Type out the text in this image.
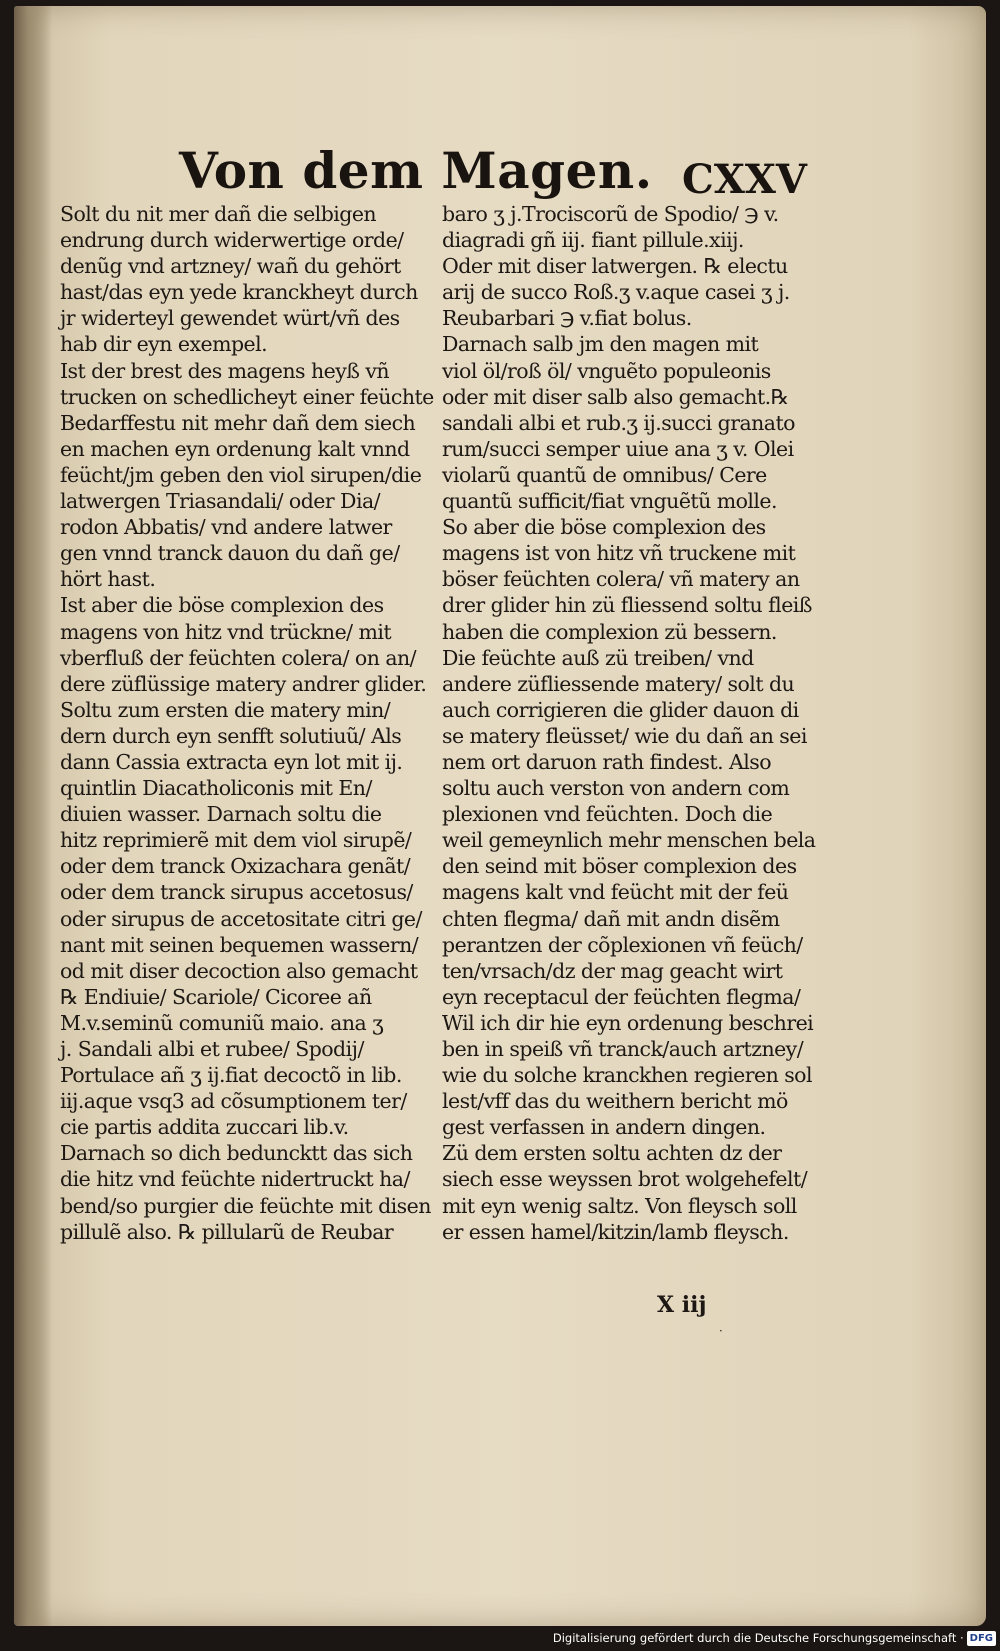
Von dem Magen. CXXV
Solt du nit mer dañ die selbigen
endrung durch widerwertige orde/
denũg vnd artzney/ wañ du gehört
hast/das eyn yede kranckheyt durch
jr widerteyl gewendet würt/vñ des
hab dir eyn exempel.
Ist der brest des magens heyß vñ
trucken on schedlicheyt einer feüchte
Bedarffestu nit mehr dañ dem siech
en machen eyn ordenung kalt vnnd
feücht/jm geben den viol sirupen/die
latwergen Triasandali/ oder Dia/
rodon Abbatis/ vnd andere latwer
gen vnnd tranck dauon du dañ ge/
hört hast.
Ist aber die böse complexion des
magens von hitz vnd trückne/ mit
vberfluß der feüchten colera/ on an/
dere züflüssige matery andrer glider.
Soltu zum ersten die matery min/
dern durch eyn senfft solutiuũ/ Als
dann Cassia extracta eyn lot mit ij.
quintlin Diacatholiconis mit En/
diuien wasser. Darnach soltu die
hitz reprimierẽ mit dem viol sirupẽ/
oder dem tranck Oxizachara genãt/
oder dem tranck sirupus accetosus/
oder sirupus de accetositate citri ge/
nant mit seinen bequemen wassern/
od mit diser decoction also gemacht
℞ Endiuie/ Scariole/ Cicoree añ
M.v.seminũ comuniũ maio. ana ʒ
j. Sandali albi et rubee/ Spodij/
Portulace añ ʒ ij.fiat decoctõ in lib.
iij.aque vsq3 ad cõsumptionem ter/
cie partis addita zuccari lib.v.
Darnach so dich beduncktt das sich
die hitz vnd feüchte nidertruckt ha/
bend/so purgier die feüchte mit disen
pillulẽ also. ℞ pillularũ de Reubar
baro ʒ j.Trociscorũ de Spodio/ ℈ v.
diagradi gñ iij. fiant pillule.xiij.
Oder mit diser latwergen. ℞ electu
arij de succo Roß.ʒ v.aque casei ʒ j.
Reubarbari ℈ v.fiat bolus.
Darnach salb jm den magen mit
viol öl/roß öl/ vnguẽto populeonis
oder mit diser salb also gemacht.℞
sandali albi et rub.ʒ ij.succi granato
rum/succi semper uiue ana ʒ v. Olei
violarũ quantũ de omnibus/ Cere
quantũ sufficit/fiat vnguẽtũ molle.
So aber die böse complexion des
magens ist von hitz vñ truckene mit
böser feüchten colera/ vñ matery an
drer glider hin zü fliessend soltu fleiß
haben die complexion zü bessern.
Die feüchte auß zü treiben/ vnd
andere züfliessende matery/ solt du
auch corrigieren die glider dauon di
se matery fleüsset/ wie du dañ an sei
nem ort daruon rath findest. Also
soltu auch verston von andern com
plexionen vnd feüchten. Doch die
weil gemeynlich mehr menschen bela
den seind mit böser complexion des
magens kalt vnd feücht mit der feü
chten flegma/ dañ mit andn disẽm
perantzen der cõplexionen vñ feüch/
ten/vrsach/dz der mag geacht wirt
eyn receptacul der feüchten flegma/
Wil ich dir hie eyn ordenung beschrei
ben in speiß vñ tranck/auch artzney/
wie du solche kranckhen regieren sol
lest/vff das du weithern bericht mö
gest verfassen in andern dingen.
Zü dem ersten soltu achten dz der
siech esse weyssen brot wolgehefelt/
mit eyn wenig saltz. Von fleysch soll
er essen hamel/kitzin/lamb fleysch.
X iij
·
Digitalisierung gefördert durch die Deutsche Forschungsgemeinschaft · DFG
